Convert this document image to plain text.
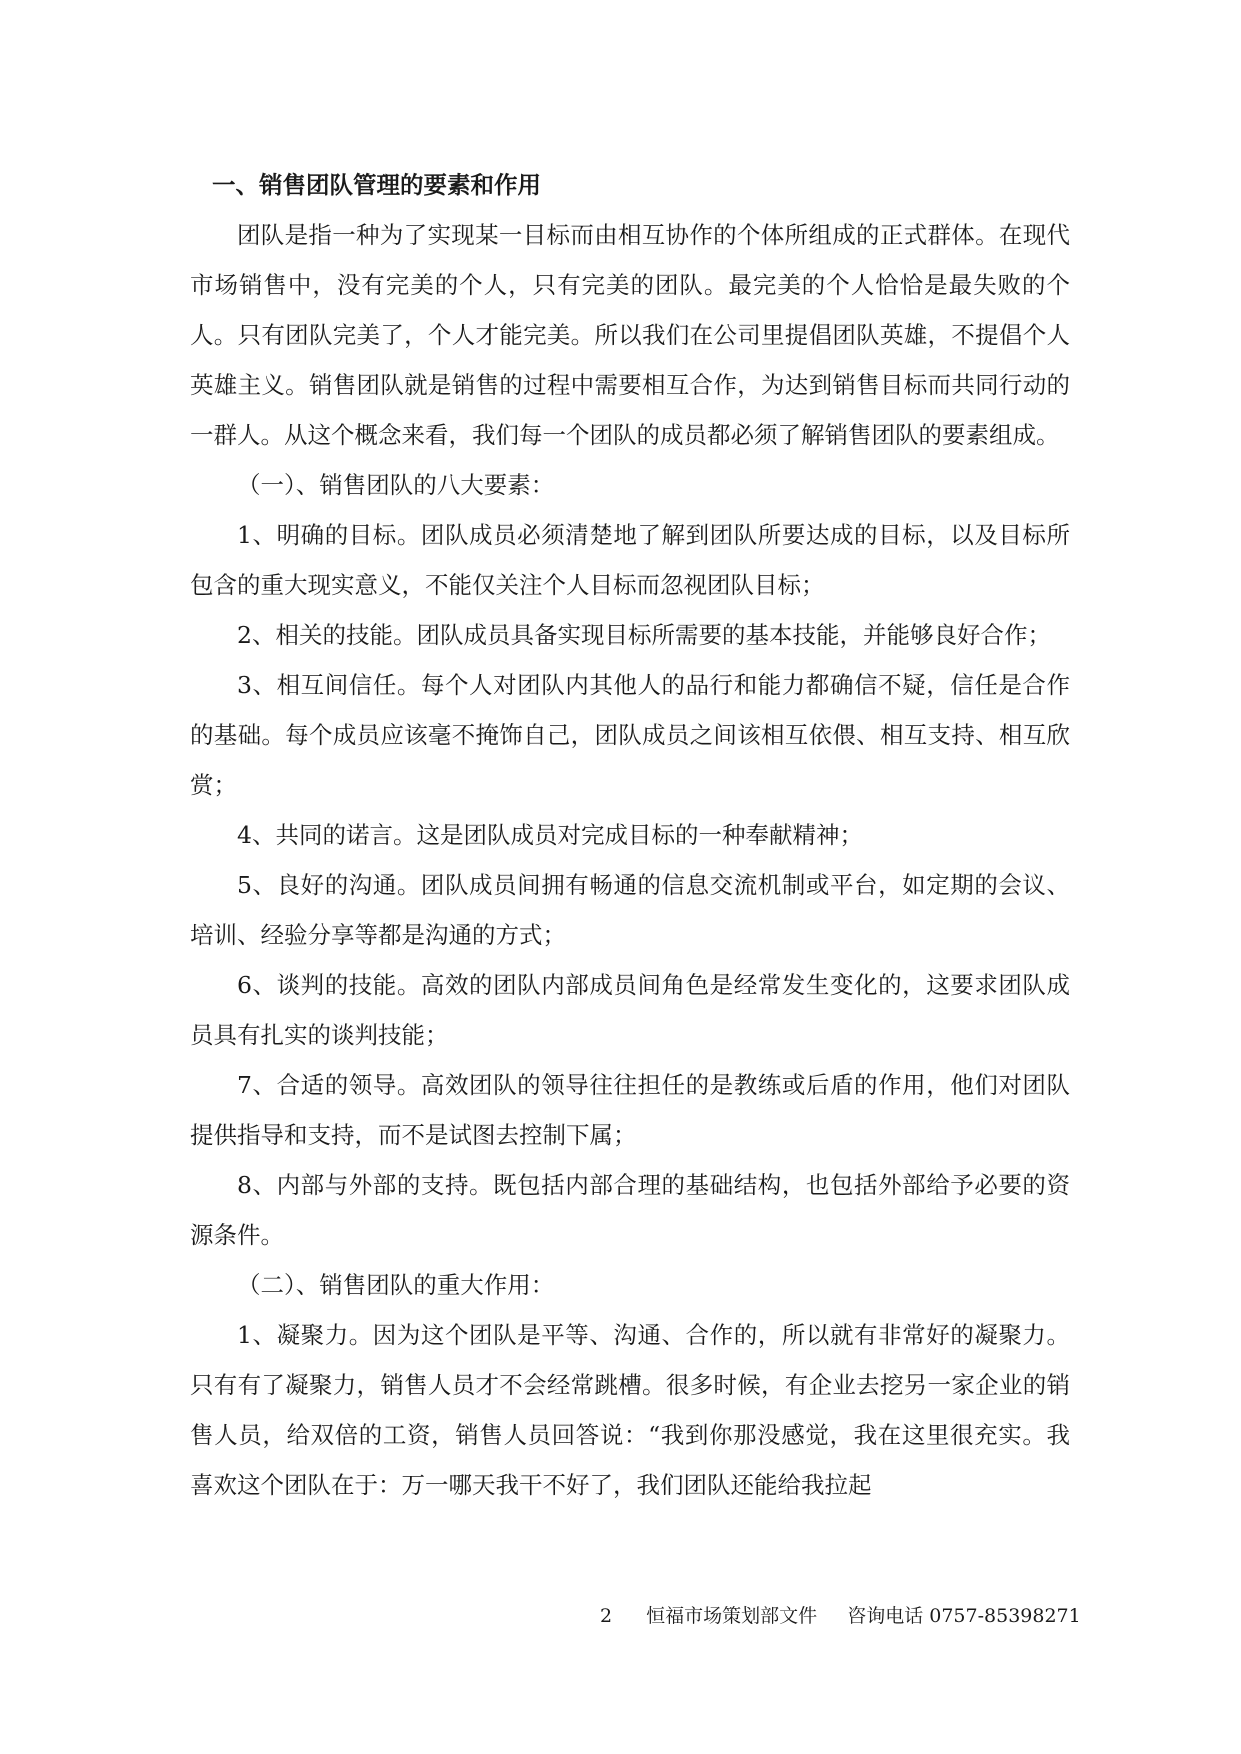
一、销售团队管理的要素和作用

团队是指一种为了实现某一目标而由相互协作的个体所组成的正式群体。在现代市场销售中，没有完美的个人，只有完美的团队。最完美的个人恰恰是最失败的个人。只有团队完美了，个人才能完美。所以我们在公司里提倡团队英雄，不提倡个人英雄主义。销售团队就是销售的过程中需要相互合作，为达到销售目标而共同行动的一群人。从这个概念来看，我们每一个团队的成员都必须了解销售团队的要素组成。

（一）、销售团队的八大要素：

1、明确的目标。团队成员必须清楚地了解到团队所要达成的目标，以及目标所包含的重大现实意义，不能仅关注个人目标而忽视团队目标；

2、相关的技能。团队成员具备实现目标所需要的基本技能，并能够良好合作；

3、相互间信任。每个人对团队内其他人的品行和能力都确信不疑，信任是合作的基础。每个成员应该毫不掩饰自己，团队成员之间该相互依偎、相互支持、相互欣赏；

4、共同的诺言。这是团队成员对完成目标的一种奉献精神；

5、良好的沟通。团队成员间拥有畅通的信息交流机制或平台，如定期的会议、培训、经验分享等都是沟通的方式；

6、谈判的技能。高效的团队内部成员间角色是经常发生变化的，这要求团队成员具有扎实的谈判技能；

7、合适的领导。高效团队的领导往往担任的是教练或后盾的作用，他们对团队提供指导和支持，而不是试图去控制下属；

8、内部与外部的支持。既包括内部合理的基础结构，也包括外部给予必要的资源条件。

（二）、销售团队的重大作用：

1、凝聚力。因为这个团队是平等、沟通、合作的，所以就有非常好的凝聚力。只有有了凝聚力，销售人员才不会经常跳槽。很多时候，有企业去挖另一家企业的销售人员，给双倍的工资，销售人员回答说：“我到你那没感觉，我在这里很充实。我喜欢这个团队在于：万一哪天我干不好了，我们团队还能给我拉起

2 恒福市场策划部文件 咨询电话 0757-85398271
